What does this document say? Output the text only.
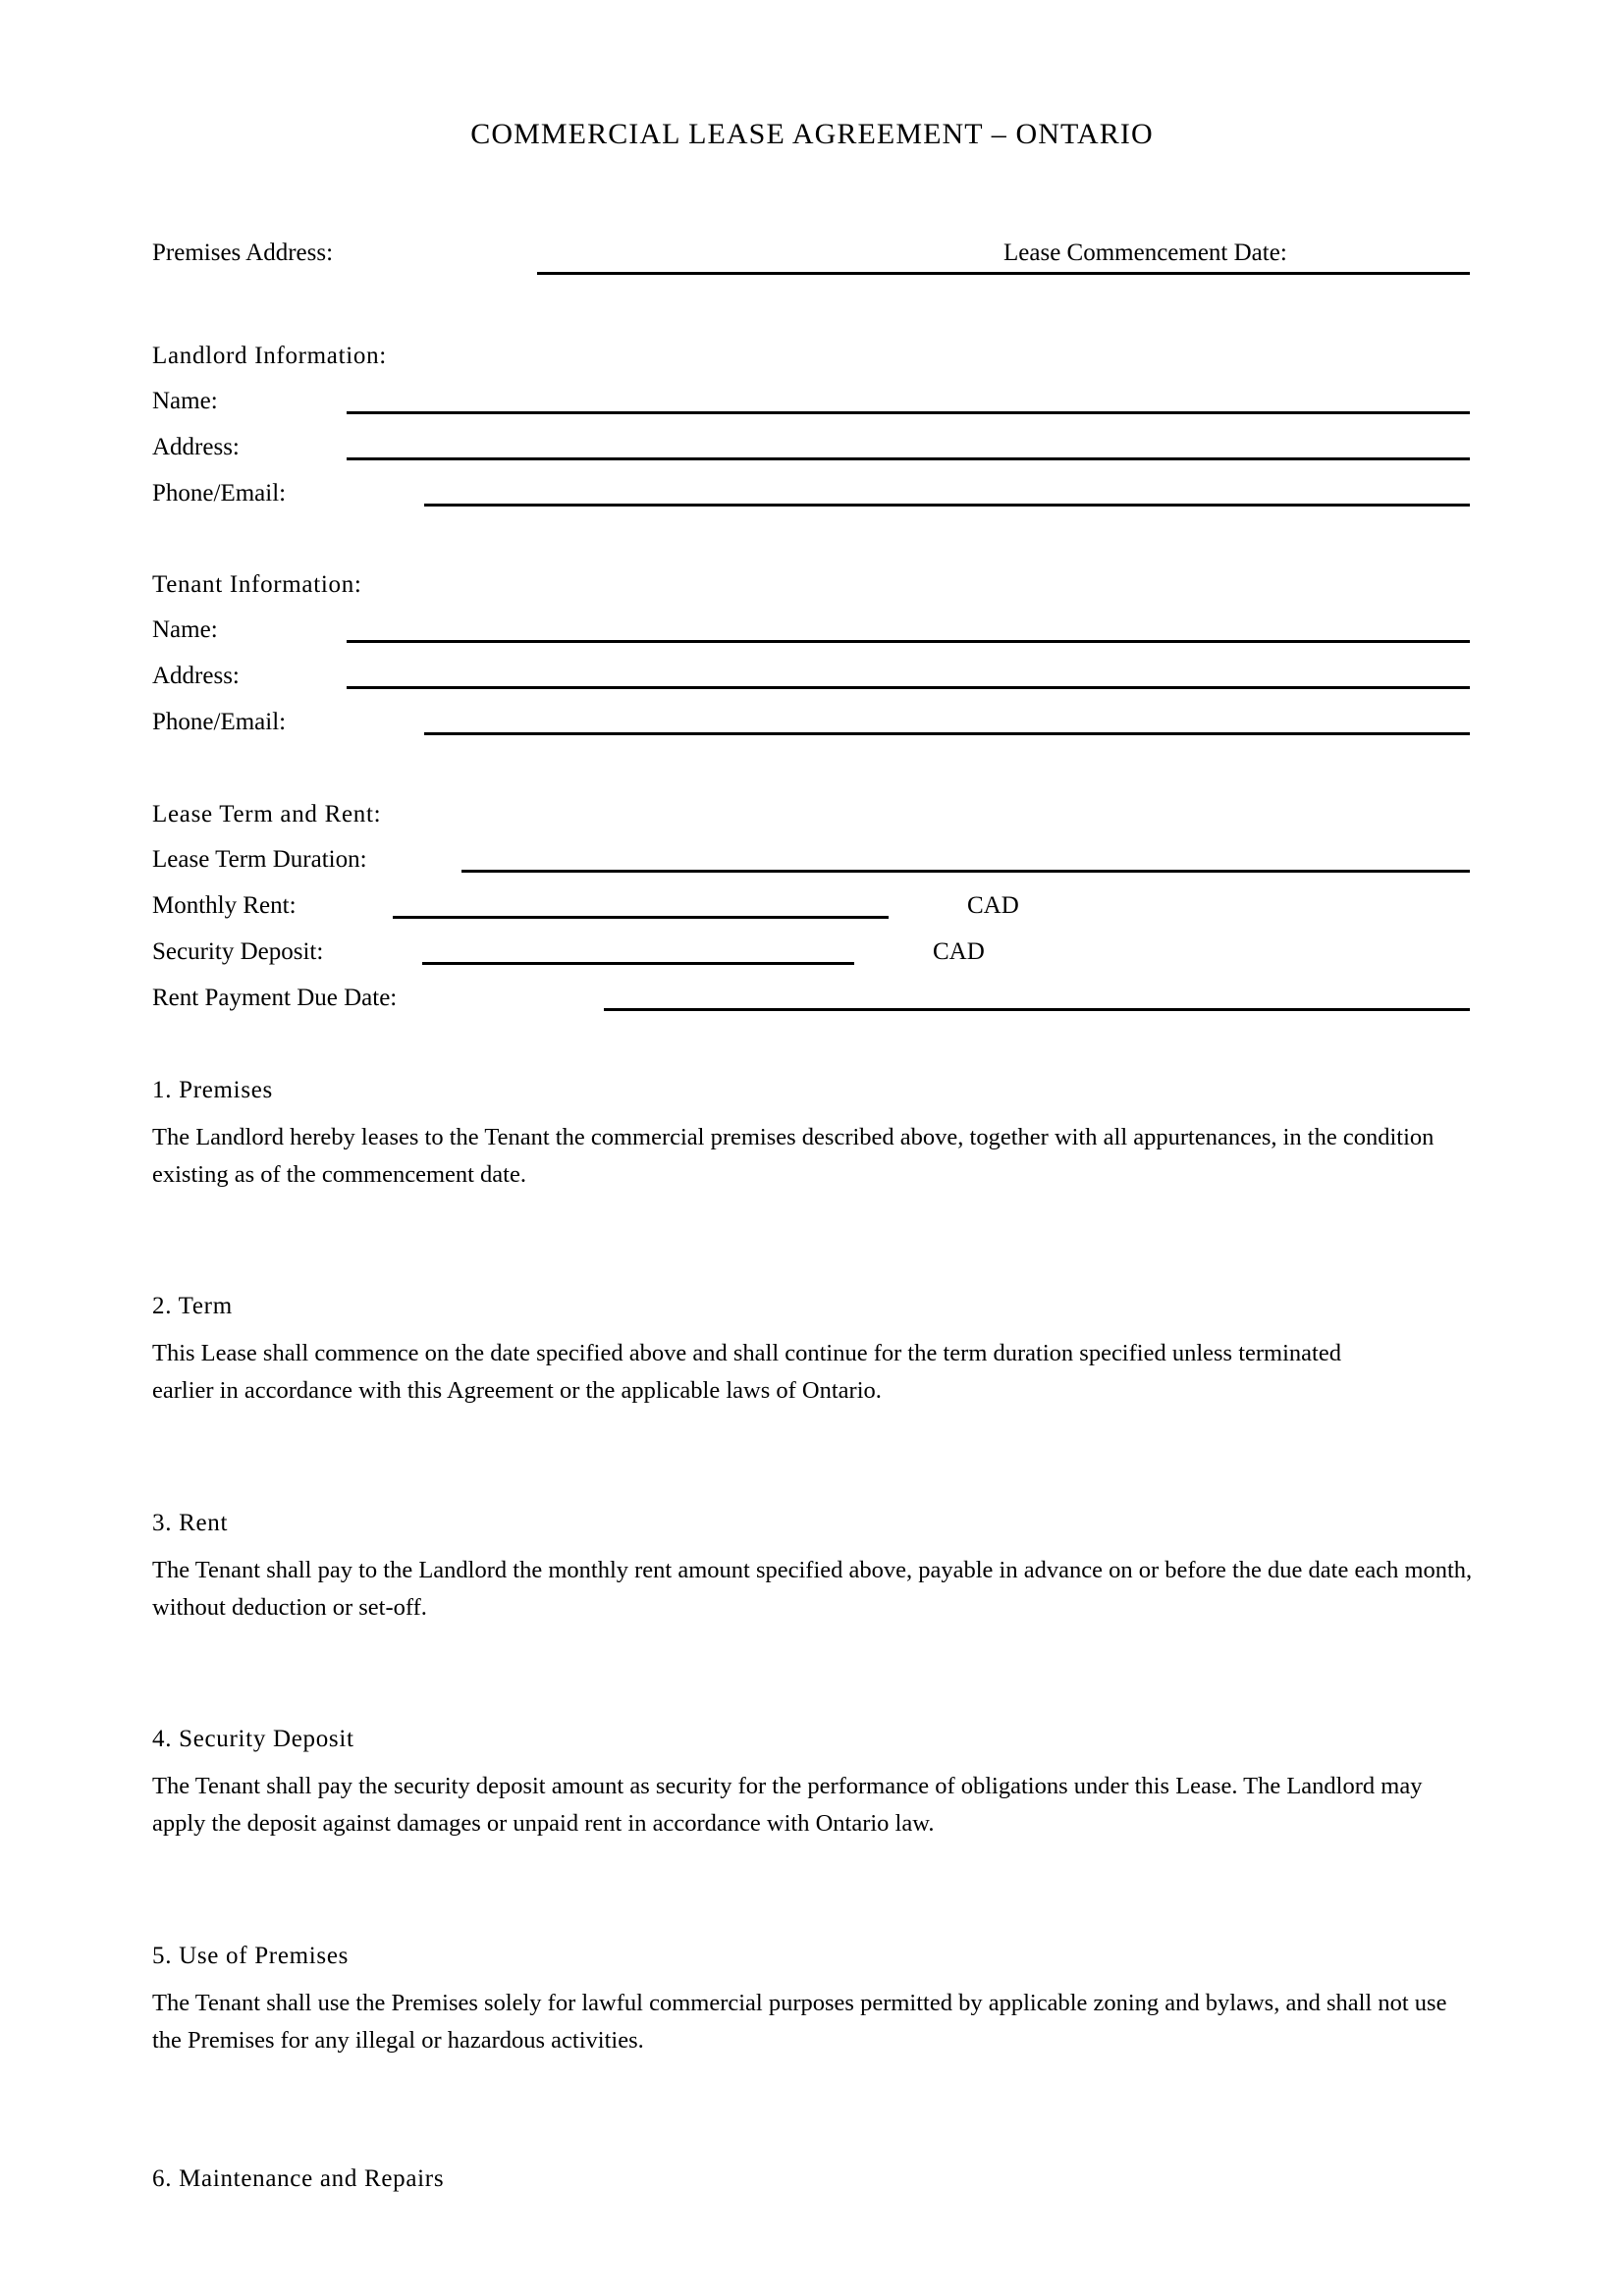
COMMERCIAL LEASE AGREEMENT – ONTARIO
Premises Address:	Lease Commencement Date:
Landlord Information:
Name:
Address:
Phone/Email:
Tenant Information:
Name:
Address:
Phone/Email:
Lease Term and Rent:
Lease Term Duration:
Monthly Rent:	CAD
Security Deposit:	CAD
Rent Payment Due Date:
1. Premises
The Landlord hereby leases to the Tenant the commercial premises described above, together with all appurtenances, in the condition existing as of the commencement date.
2. Term
This Lease shall commence on the date specified above and shall continue for the term duration specified unless terminated earlier in accordance with this Agreement or the applicable laws of Ontario.
3. Rent
The Tenant shall pay to the Landlord the monthly rent amount specified above, payable in advance on or before the due date each month, without deduction or set-off.
4. Security Deposit
The Tenant shall pay the security deposit amount as security for the performance of obligations under this Lease. The Landlord may apply the deposit against damages or unpaid rent in accordance with Ontario law.
5. Use of Premises
The Tenant shall use the Premises solely for lawful commercial purposes permitted by applicable zoning and bylaws, and shall not use the Premises for any illegal or hazardous activities.
6. Maintenance and Repairs
